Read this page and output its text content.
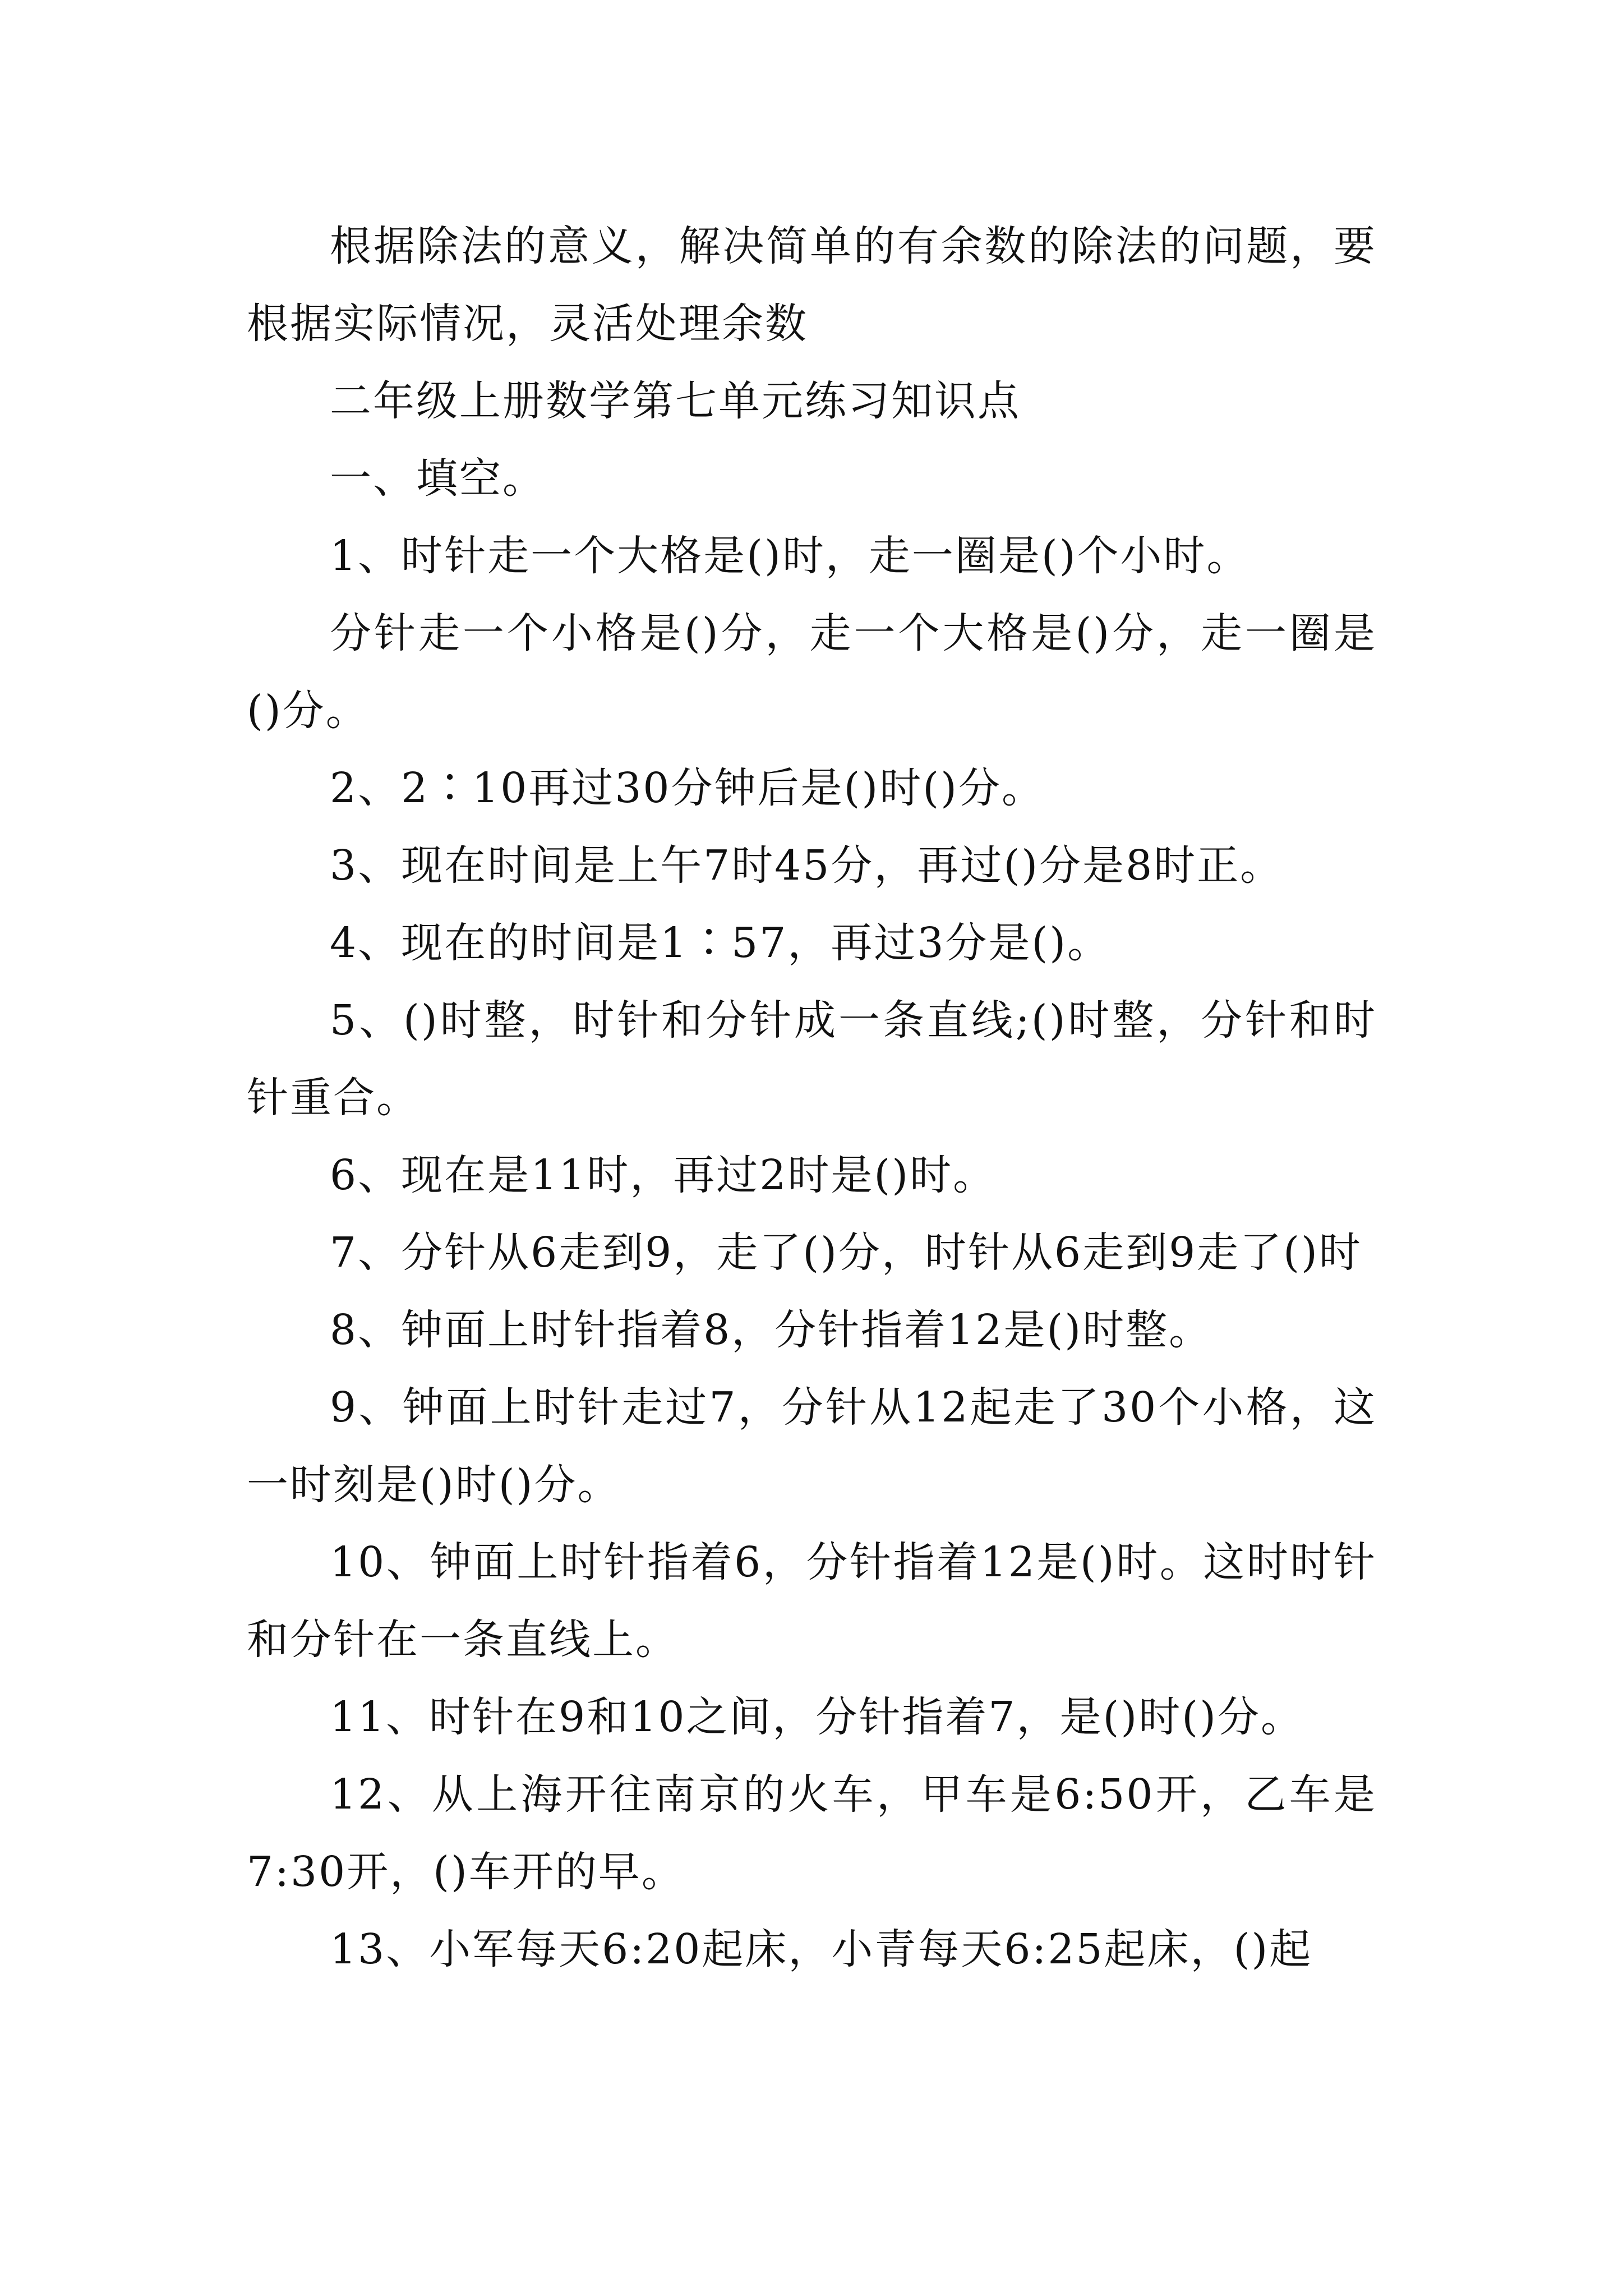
根据除法的意义，解决简单的有余数的除法的问题，要根据实际情况，灵活处理余数

二年级上册数学第七单元练习知识点

一、填空。

1、时针走一个大格是()时，走一圈是()个小时。

分针走一个小格是()分，走一个大格是()分，走一圈是()分。

2、2∶10再过30分钟后是()时()分。

3、现在时间是上午7时45分，再过()分是8时正。

4、现在的时间是1∶57，再过3分是()。

5、()时整，时针和分针成一条直线;()时整，分针和时针重合。

6、现在是11时，再过2时是()时。

7、分针从6走到9，走了()分，时针从6走到9走了()时

8、钟面上时针指着8，分针指着12是()时整。

9、钟面上时针走过7，分针从12起走了30个小格，这一时刻是()时()分。

10、钟面上时针指着6，分针指着12是()时。这时时针和分针在一条直线上。

11、时针在9和10之间，分针指着7，是()时()分。

12、从上海开往南京的火车，甲车是6:50开，乙车是7:30开，()车开的早。

13、小军每天6:20起床，小青每天6:25起床，()起
